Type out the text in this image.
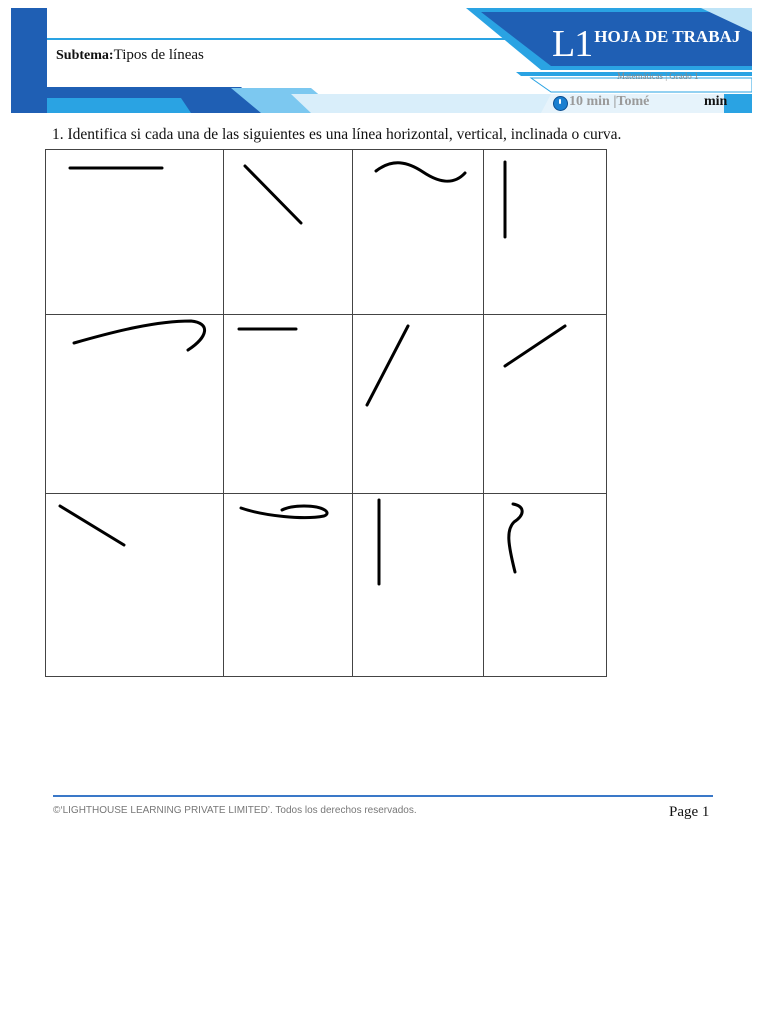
Subtema:Tipos de líneas	L1 HOJA DE TRABAJ
Matemáticas | Grado 1
10 min |Tomé	min
1. Identifica si cada una de las siguientes es una línea horizontal, vertical, inclinada o curva.
©‘LIGHTHOUSE LEARNING PRIVATE LIMITED’. Todos los derechos reservados.	Page 1
